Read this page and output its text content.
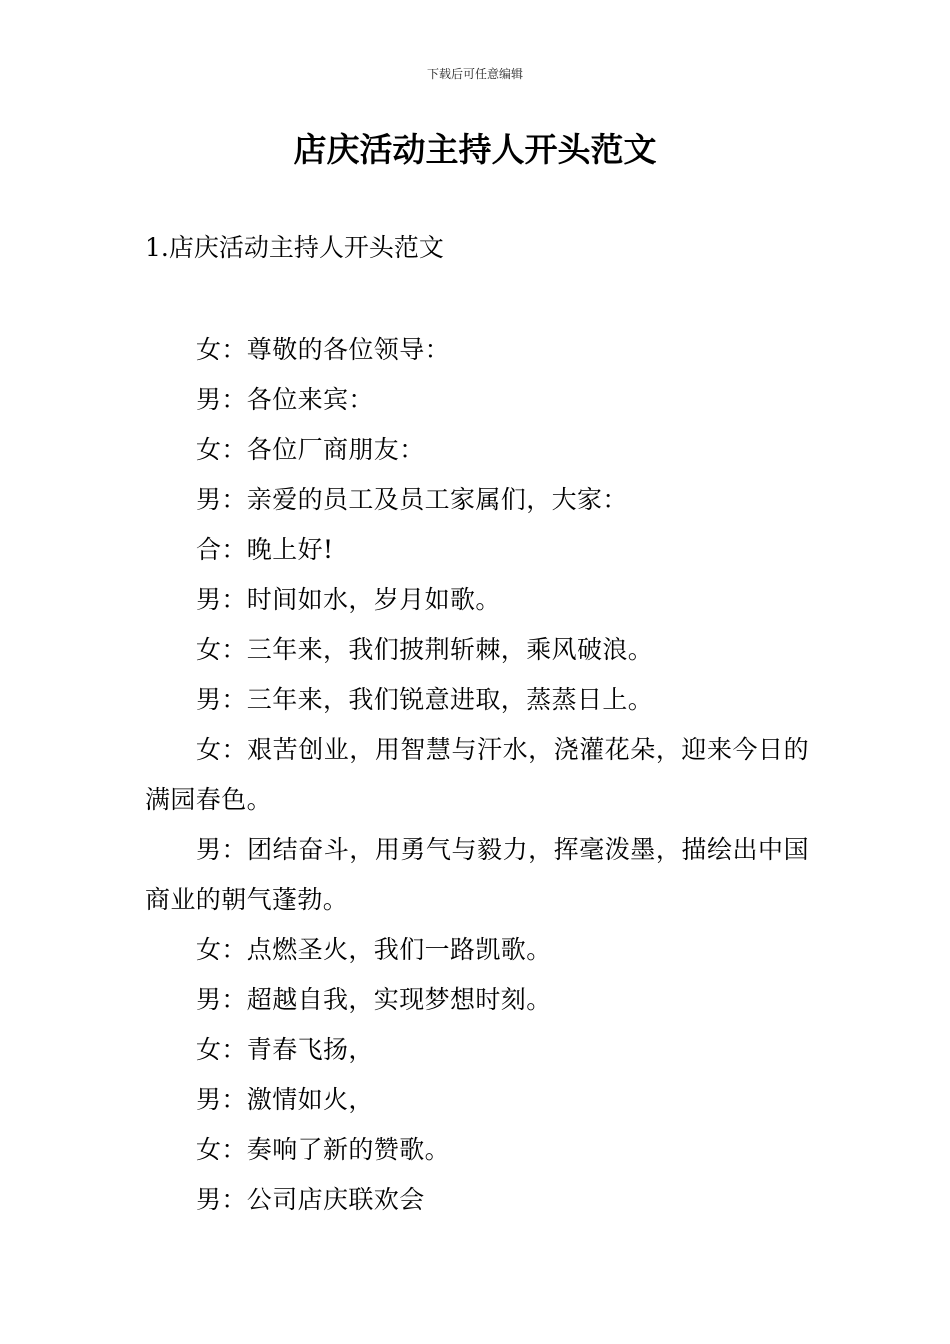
下载后可任意编辑
店庆活动主持人开头范文

1.店庆活动主持人开头范文

女：尊敬的各位领导：

男：各位来宾：

女：各位厂商朋友：

男：亲爱的员工及员工家属们，大家：

合：晚上好!

男：时间如水，岁月如歌。

女：三年来，我们披荆斩棘，乘风破浪。

男：三年来，我们锐意进取，蒸蒸日上。

女：艰苦创业，用智慧与汗水，浇灌花朵，迎来今日的满园春色。

男：团结奋斗，用勇气与毅力，挥毫泼墨，描绘出中国商业的朝气蓬勃。

女：点燃圣火，我们一路凯歌。

男：超越自我，实现梦想时刻。

女：青春飞扬，

男：激情如火，

女：奏响了新的赞歌。

男：公司店庆联欢会
